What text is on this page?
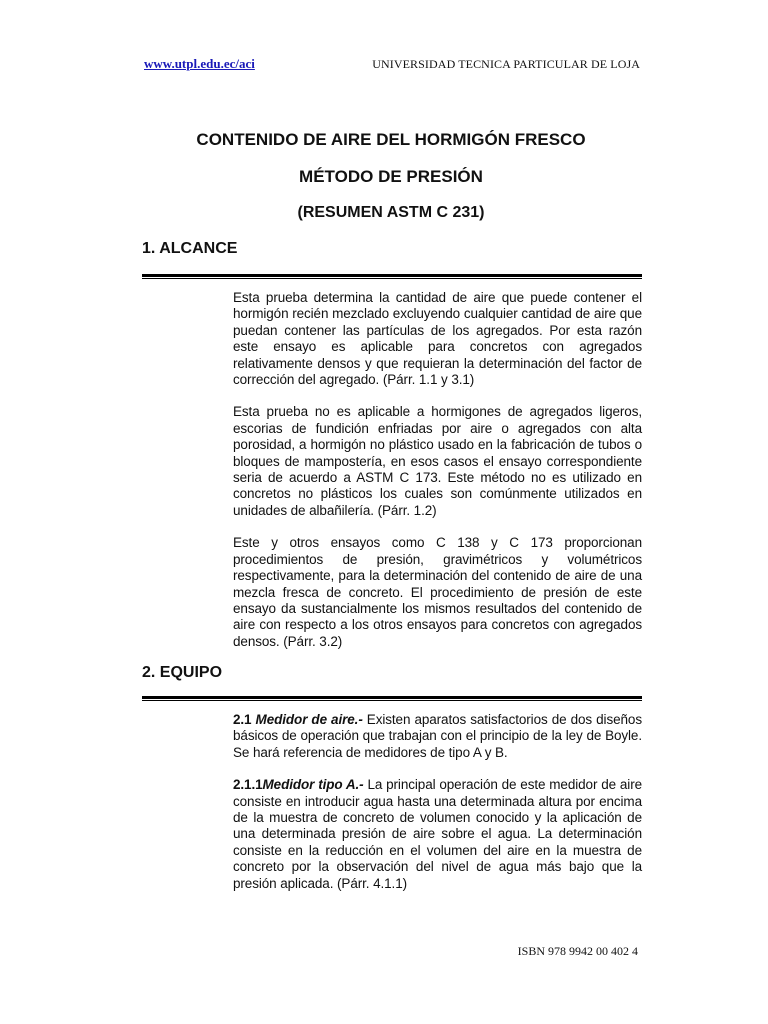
www.utpl.edu.ec/aci	UNIVERSIDAD TECNICA PARTICULAR DE LOJA
CONTENIDO DE AIRE DEL HORMIGÓN FRESCO
MÉTODO DE PRESIÓN
(RESUMEN ASTM C 231)
1. ALCANCE

Esta prueba determina la cantidad de aire que puede contener el hormigón recién mezclado excluyendo cualquier cantidad de aire que puedan contener las partículas de los agregados. Por esta razón este ensayo es aplicable para concretos con agregados relativamente densos y que requieran la determinación del factor de corrección del agregado. (Párr. 1.1 y 3.1)

Esta prueba no es aplicable a hormigones de agregados ligeros, escorias de fundición enfriadas por aire o agregados con alta porosidad, a hormigón no plástico usado en la fabricación de tubos o bloques de mampostería, en esos casos el ensayo correspondiente seria de acuerdo a ASTM C 173. Este método no es utilizado en concretos no plásticos los cuales son comúnmente utilizados en unidades de albañilería. (Párr. 1.2)

Este y otros ensayos como C 138 y C 173 proporcionan procedimientos de presión, gravimétricos y volumétricos respectivamente, para la determinación del contenido de aire de una mezcla fresca de concreto. El procedimiento de presión de este ensayo da sustancialmente los mismos resultados del contenido de aire con respecto a los otros ensayos para concretos con agregados densos. (Párr. 3.2)

2. EQUIPO

2.1 Medidor de aire.- Existen aparatos satisfactorios de dos diseños básicos de operación que trabajan con el principio de la ley de Boyle. Se hará referencia de medidores de tipo A y B.

2.1.1Medidor tipo A.- La principal operación de este medidor de aire consiste en introducir agua hasta una determinada altura por encima de la muestra de concreto de volumen conocido y la aplicación de una determinada presión de aire sobre el agua. La determinación consiste en la reducción en el volumen del aire en la muestra de concreto por la observación del nivel de agua más bajo que la presión aplicada. (Párr. 4.1.1)

ISBN 978 9942 00 402 4
